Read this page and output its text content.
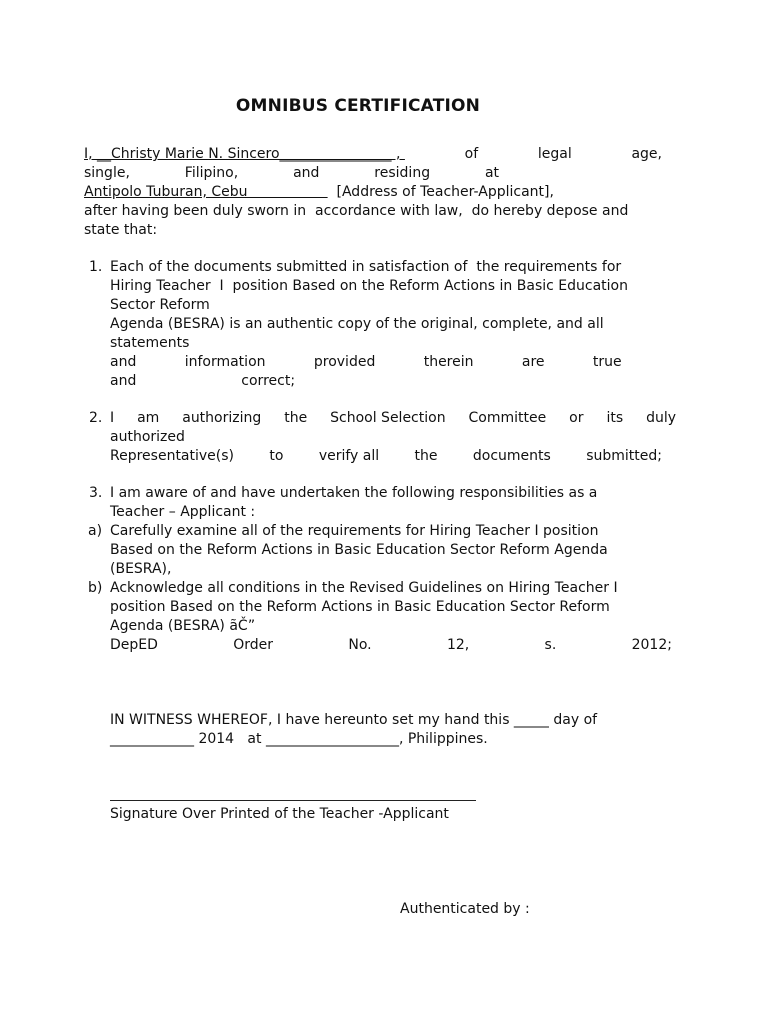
OMNIBUS CERTIFICATION
I, __Christy Marie N. Sincero________________ ,	of	legal	age,
single,	Filipino,	and	residing	at
Antipolo Tuburan, Cebu                    [Address of Teacher-Applicant],
after having been duly sworn in  accordance with law,  do hereby depose and
state that:
1. Each of the documents submitted in satisfaction of  the requirements for
Hiring Teacher  I  position Based on the Reform Actions in Basic Education
Sector Reform
Agenda (BESRA) is an authentic copy of the original, complete, and all
statements
and	information	provided	therein	are	true
and	correct;
2. I am authorizing the School Selection Committee or its duly
authorized
Representative(s)	to	verify all	the	documents	submitted;
3. I am aware of and have undertaken the following responsibilities as a
Teacher – Applicant :
a) Carefully examine all of the requirements for Hiring Teacher I position
Based on the Reform Actions in Basic Education Sector Reform Agenda
(BESRA),
b) Acknowledge all conditions in the Revised Guidelines on Hiring Teacher I
position Based on the Reform Actions in Basic Education Sector Reform
Agenda (BESRA) ãČ”
DepED	Order	No.	12,	s.	2012;
IN WITNESS WHEREOF, I have hereunto set my hand this _____ day of
____________ 2014   at ___________________, Philippines.
Signature Over Printed of the Teacher -Applicant
Authenticated by :
